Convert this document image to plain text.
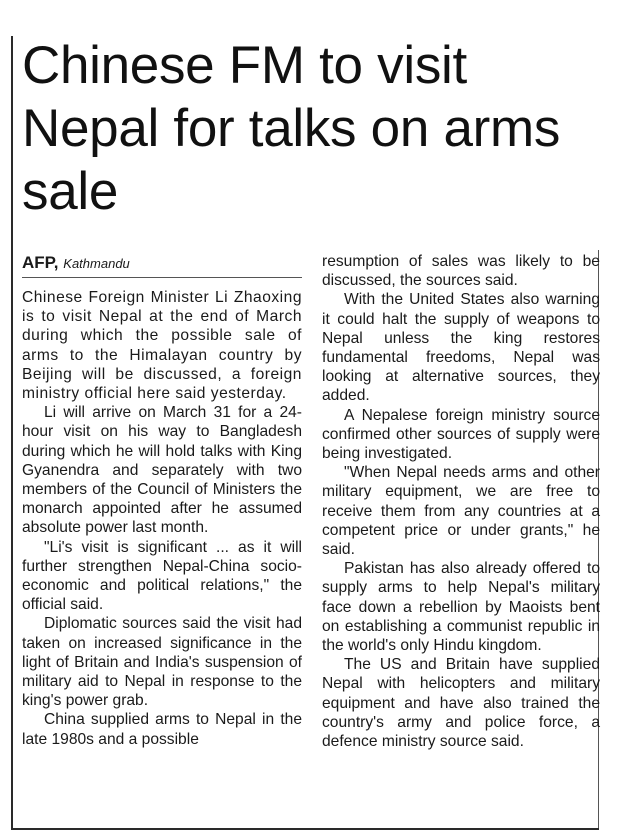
Chinese FM to visit Nepal for talks on arms sale
AFP, Kathmandu

Chinese Foreign Minister Li Zhaoxing is to visit Nepal at the end of March during which the possible sale of arms to the Himalayan country by Beijing will be discussed, a foreign ministry official here said yesterday.

Li will arrive on March 31 for a 24-hour visit on his way to Bangladesh during which he will hold talks with King Gyanendra and separately with two members of the Council of Ministers the monarch appointed after he assumed absolute power last month.

"Li's visit is significant ... as it will further strengthen Nepal-China socio-economic and political relations," the official said.

Diplomatic sources said the visit had taken on increased significance in the light of Britain and India's suspension of military aid to Nepal in response to the king's power grab.

China supplied arms to Nepal in the late 1980s and a possible

resumption of sales was likely to be discussed, the sources said.

With the United States also warning it could halt the supply of weapons to Nepal unless the king restores fundamental freedoms, Nepal was looking at alternative sources, they added.

A Nepalese foreign ministry source confirmed other sources of supply were being investigated.

"When Nepal needs arms and other military equipment, we are free to receive them from any countries at a competent price or under grants," he said.

Pakistan has also already offered to supply arms to help Nepal's military face down a rebellion by Maoists bent on establishing a communist republic in the world's only Hindu kingdom.

The US and Britain have supplied Nepal with helicopters and military equipment and have also trained the country's army and police force, a defence ministry source said.
